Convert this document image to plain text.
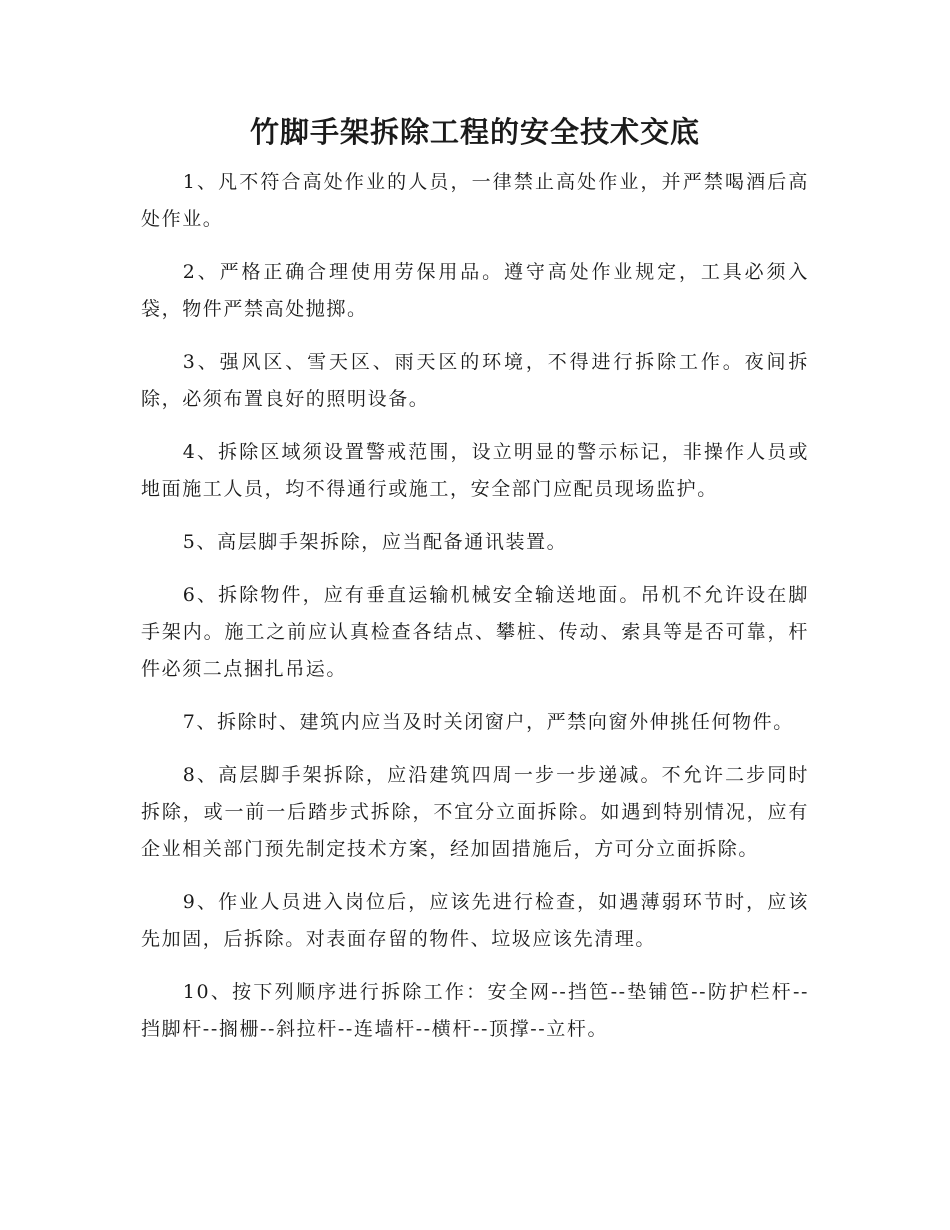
竹脚手架拆除工程的安全技术交底

1、凡不符合高处作业的人员，一律禁止高处作业，并严禁喝酒后高处作业。

2、严格正确合理使用劳保用品。遵守高处作业规定，工具必须入袋，物件严禁高处抛掷。

3、强风区、雪天区、雨天区的环境，不得进行拆除工作。夜间拆除，必须布置良好的照明设备。

4、拆除区域须设置警戒范围，设立明显的警示标记，非操作人员或地面施工人员，均不得通行或施工，安全部门应配员现场监护。

5、高层脚手架拆除，应当配备通讯装置。

6、拆除物件，应有垂直运输机械安全输送地面。吊机不允许设在脚手架内。施工之前应认真检查各结点、攀桩、传动、索具等是否可靠，杆件必须二点捆扎吊运。

7、拆除时、建筑内应当及时关闭窗户，严禁向窗外伸挑任何物件。

8、高层脚手架拆除，应沿建筑四周一步一步递减。不允许二步同时拆除，或一前一后踏步式拆除，不宜分立面拆除。如遇到特别情况，应有企业相关部门预先制定技术方案，经加固措施后，方可分立面拆除。

9、作业人员进入岗位后，应该先进行检查，如遇薄弱环节时，应该先加固，后拆除。对表面存留的物件、垃圾应该先清理。

10、按下列顺序进行拆除工作：安全网--挡笆--垫铺笆--防护栏杆--挡脚杆--搁栅--斜拉杆--连墙杆--横杆--顶撑--立杆。
